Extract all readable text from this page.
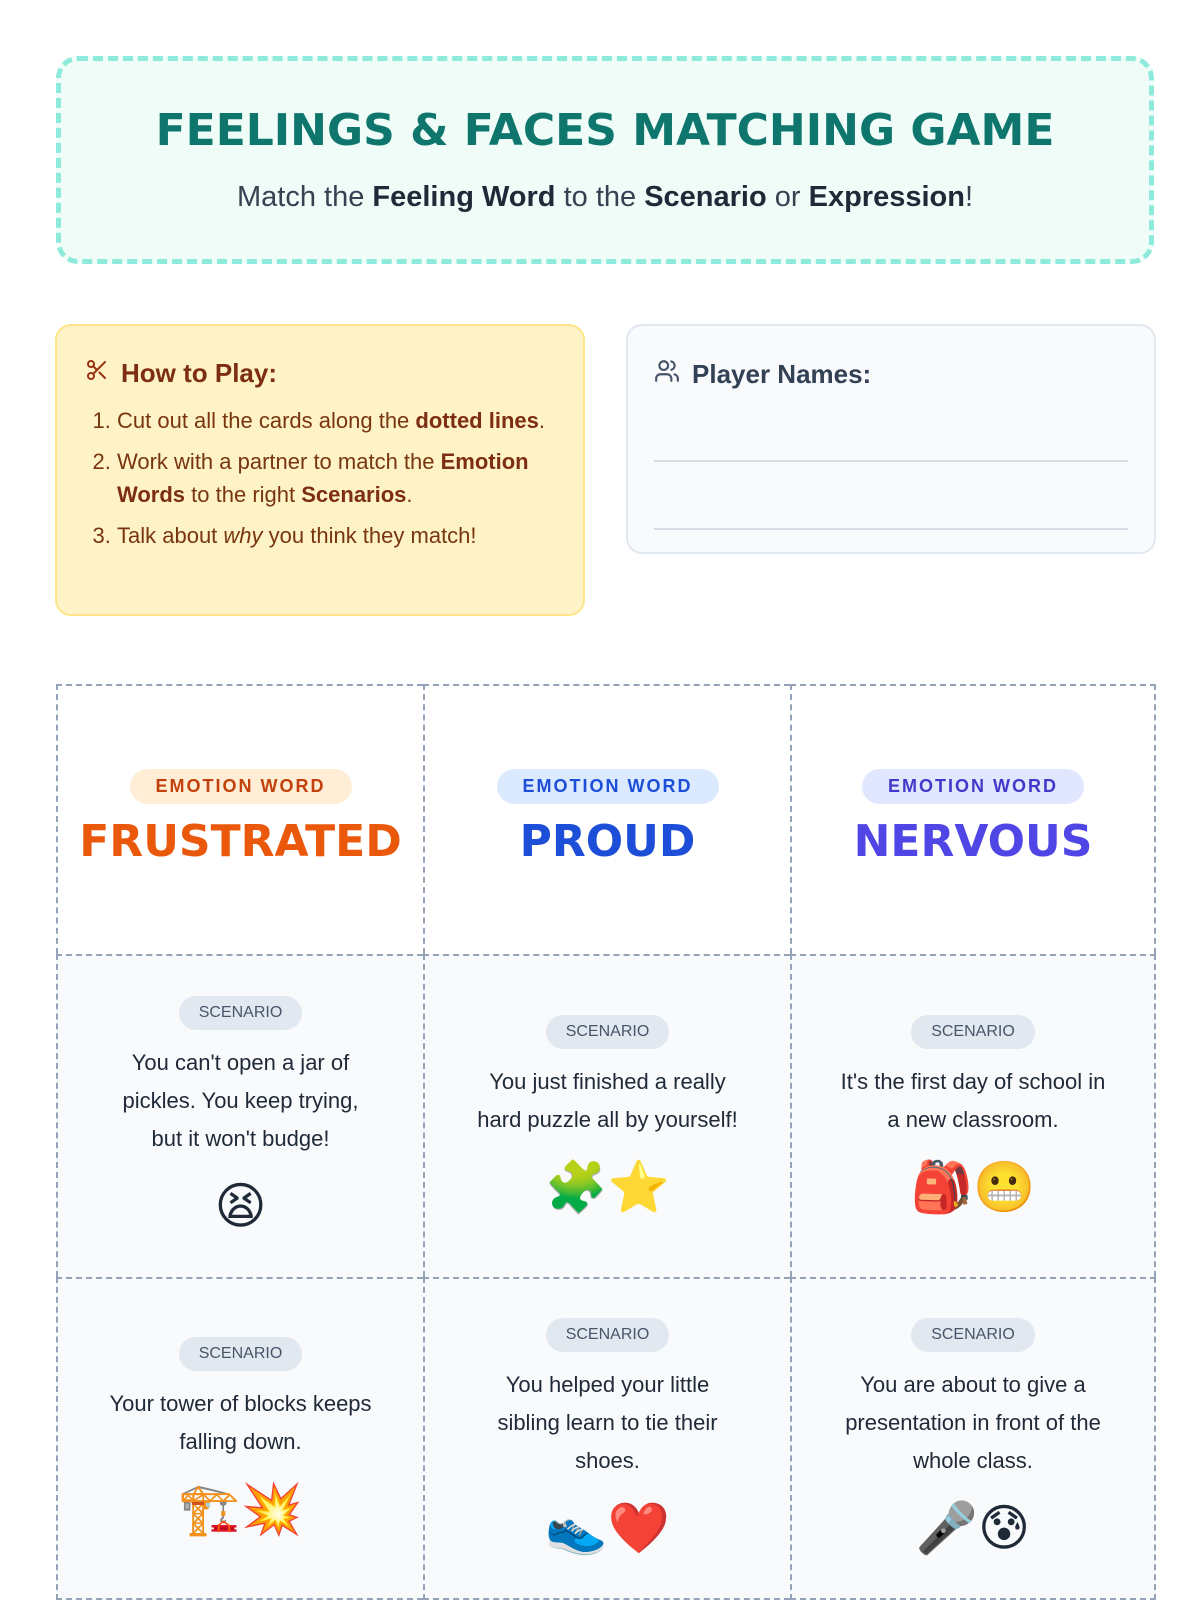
FEELINGS & FACES MATCHING GAME
Match the Feeling Word to the Scenario or Expression!
How to Play:
1. Cut out all the cards along the dotted lines.
2. Work with a partner to match the Emotion Words to the right Scenarios.
3. Talk about why you think they match!
Player Names:
EMOTION WORD
FRUSTRATED
EMOTION WORD
PROUD
EMOTION WORD
NERVOUS
SCENARIO
You can't open a jar of pickles. You keep trying, but it won't budge!
😫
SCENARIO
You just finished a really hard puzzle all by yourself!
🧩⭐
SCENARIO
It's the first day of school in a new classroom.
🎒😬
SCENARIO
Your tower of blocks keeps falling down.
🏗️💥
SCENARIO
You helped your little sibling learn to tie their shoes.
👟❤️
SCENARIO
You are about to give a presentation in front of the whole class.
🎤😰
